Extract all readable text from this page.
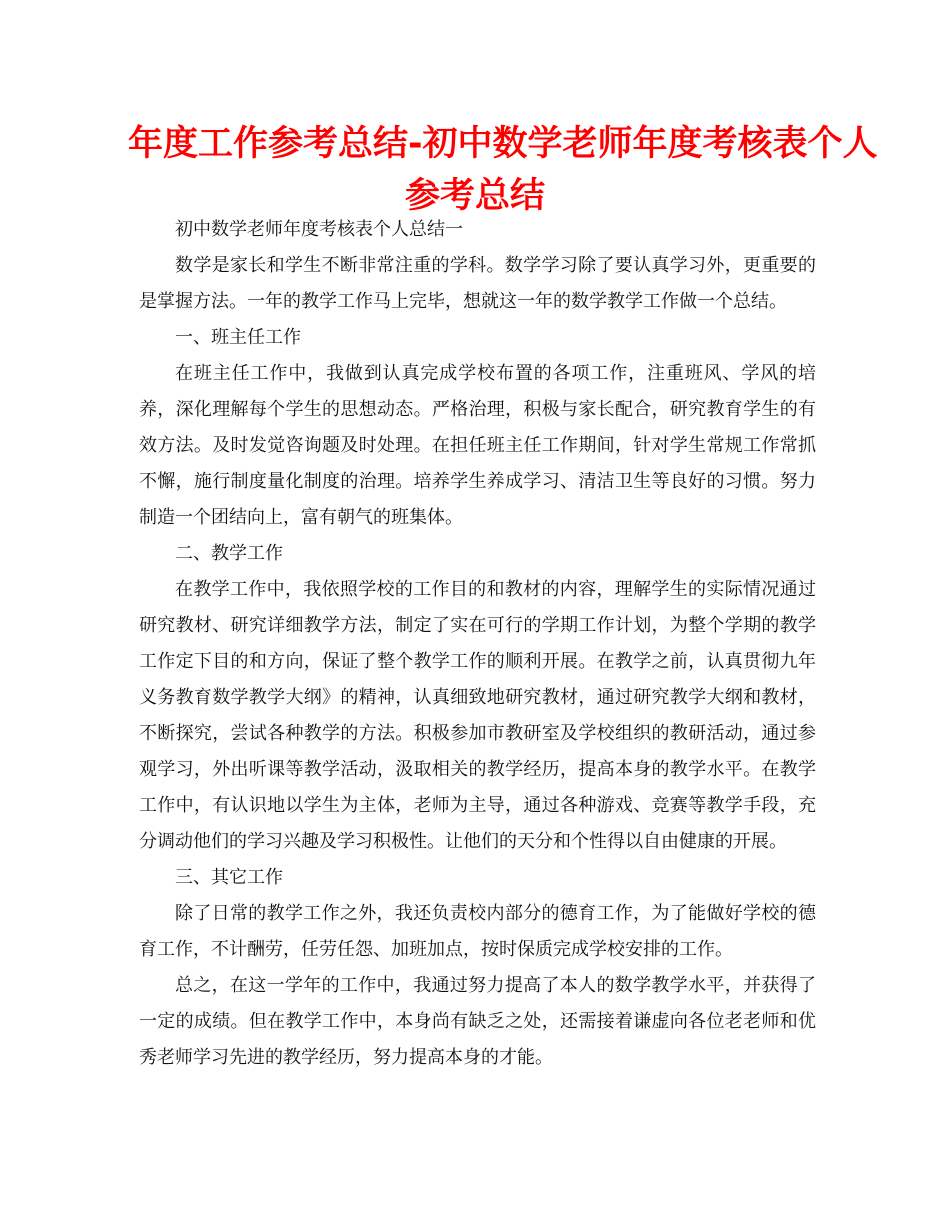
年度工作参考总结-初中数学老师年度考核表个人
参考总结

初中数学老师年度考核表个人总结一

数学是家长和学生不断非常注重的学科。数学学习除了要认真学习外，更重要的是掌握方法。一年的教学工作马上完毕，想就这一年的数学教学工作做一个总结。

一、班主任工作

在班主任工作中，我做到认真完成学校布置的各项工作，注重班风、学风的培养，深化理解每个学生的思想动态。严格治理，积极与家长配合，研究教育学生的有效方法。及时发觉咨询题及时处理。在担任班主任工作期间，针对学生常规工作常抓不懈，施行制度量化制度的治理。培养学生养成学习、清洁卫生等良好的习惯。努力制造一个团结向上，富有朝气的班集体。

二、教学工作

在教学工作中，我依照学校的工作目的和教材的内容，理解学生的实际情况通过研究教材、研究详细教学方法，制定了实在可行的学期工作计划，为整个学期的教学工作定下目的和方向，保证了整个教学工作的顺利开展。在教学之前，认真贯彻九年义务教育数学教学大纲》的精神，认真细致地研究教材，通过研究教学大纲和教材，不断探究，尝试各种教学的方法。积极参加市教研室及学校组织的教研活动，通过参观学习，外出听课等教学活动，汲取相关的教学经历，提高本身的教学水平。在教学工作中，有认识地以学生为主体，老师为主导，通过各种游戏、竞赛等教学手段，充分调动他们的学习兴趣及学习积极性。让他们的天分和个性得以自由健康的开展。

三、其它工作

除了日常的教学工作之外，我还负责校内部分的德育工作，为了能做好学校的德育工作，不计酬劳，任劳任怨、加班加点，按时保质完成学校安排的工作。

总之，在这一学年的工作中，我通过努力提高了本人的数学教学水平，并获得了一定的成绩。但在教学工作中，本身尚有缺乏之处，还需接着谦虚向各位老老师和优秀老师学习先进的教学经历，努力提高本身的才能。
